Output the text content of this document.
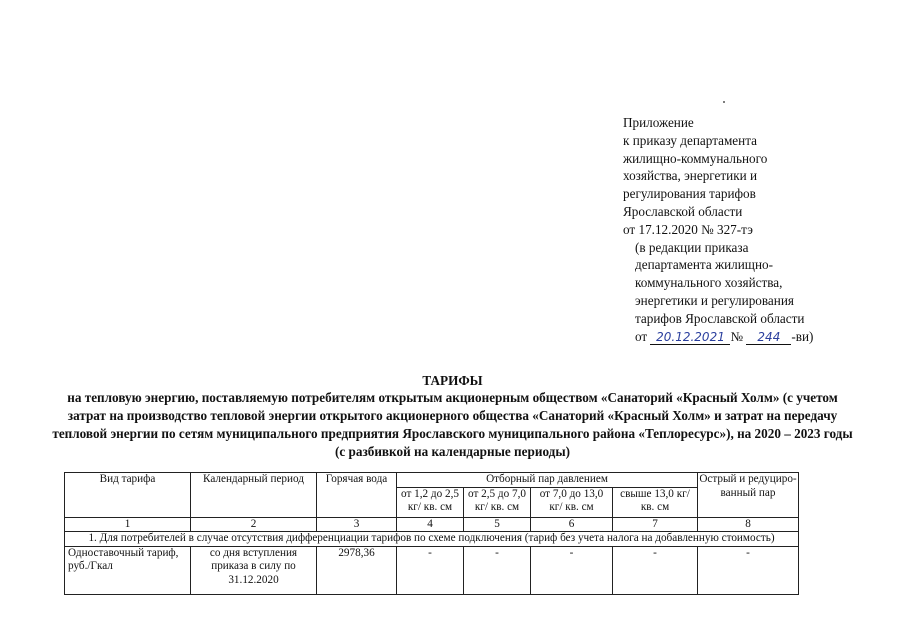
Приложение
к приказу департамента
жилищно-коммунального
хозяйства, энергетики и
регулирования тарифов
Ярославской области
от 17.12.2020 № 327-тэ
(в редакции приказа
департамента жилищно-
коммунального хозяйства,
энергетики и регулирования
тарифов Ярославской области
от 20.12.2021 № 244 -ви)
ТАРИФЫ
на тепловую энергию, поставляемую потребителям открытым акционерным обществом «Санаторий «Красный Холм» (с учетом затрат на производство тепловой энергии открытого акционерного общества «Санаторий «Красный Холм» и затрат на передачу тепловой энергии по сетям муниципального предприятия Ярославского муниципального района «Теплоресурс»), на 2020 – 2023 годы (с разбивкой на календарные периоды)
Вид тарифа	Календарный период	Горячая вода	Отборный пар давлением				Острый и редуциро-ванный пар
			от 1,2 до 2,5 кг/ кв. см	от 2,5 до 7,0 кг/ кв. см	от 7,0 до 13,0 кг/ кв. см	свыше 13,0 кг/ кв. см	
1	2	3	4	5	6	7	8
1. Для потребителей в случае отсутствия дифференциации тарифов по схеме подключения (тариф без учета налога на добавленную стоимость)							
Одноставочный тариф, руб./Гкал	со дня вступления приказа в силу по 31.12.2020	2978,36	-	-	-	-	-
